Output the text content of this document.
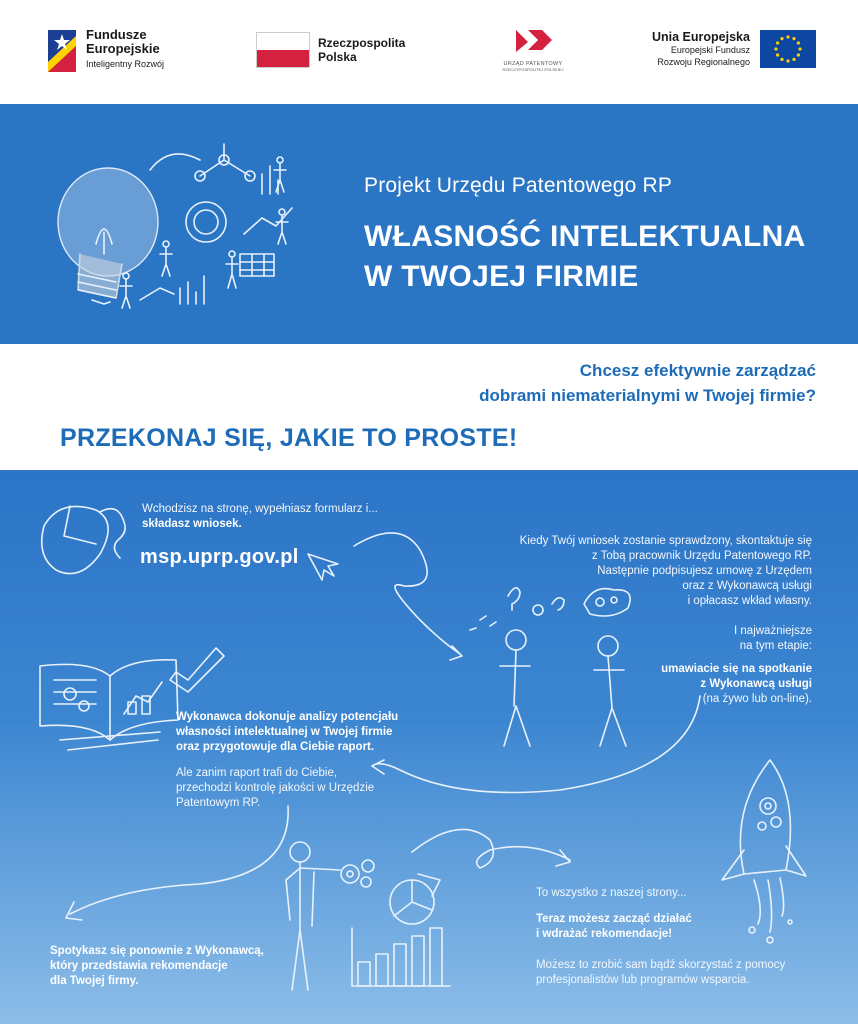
Fundusze
Europejskie
Inteligentny Rozwój
Rzeczpospolita
Polska	URZĄD PATENTOWY
RZECZYPOSPOLITEJ POLSKIEJ
Unia Europejska
Europejski Fundusz
Rozwoju Regionalnego
Projekt Urzędu Patentowego RP
WŁASNOŚĆ INTELEKTUALNA
W TWOJEJ FIRMIE
Chcesz efektywnie zarządzać
dobrami niematerialnymi w Twojej firmie?
PRZEKONAJ SIĘ, JAKIE TO PROSTE!
Wchodzisz na stronę, wypełniasz formularz i...
składasz wniosek.
msp.uprp.gov.pl
Kiedy Twój wniosek zostanie sprawdzony, skontaktuje się
z Tobą pracownik Urzędu Patentowego RP.
Następnie podpisujesz umowę z Urzędem
oraz z Wykonawcą usługi
i opłacasz wkład własny.
I najważniejsze
na tym etapie:
umawiacie się na spotkanie
z Wykonawcą usługi
(na żywo lub on-line).
Wykonawca dokonuje analizy potencjału
własności intelektualnej w Twojej firmie
oraz przygotowuje dla Ciebie raport.
Ale zanim raport trafi do Ciebie,
przechodzi kontrolę jakości w Urzędzie
Patentowym RP.
Spotykasz się ponownie z Wykonawcą,
który przedstawia rekomendacje
dla Twojej firmy.
To wszystko z naszej strony...
Teraz możesz zacząć działać
i wdrażać rekomendacje!
Możesz to zrobić sam bądź skorzystać z pomocy
profesjonalistów lub programów wsparcia.
